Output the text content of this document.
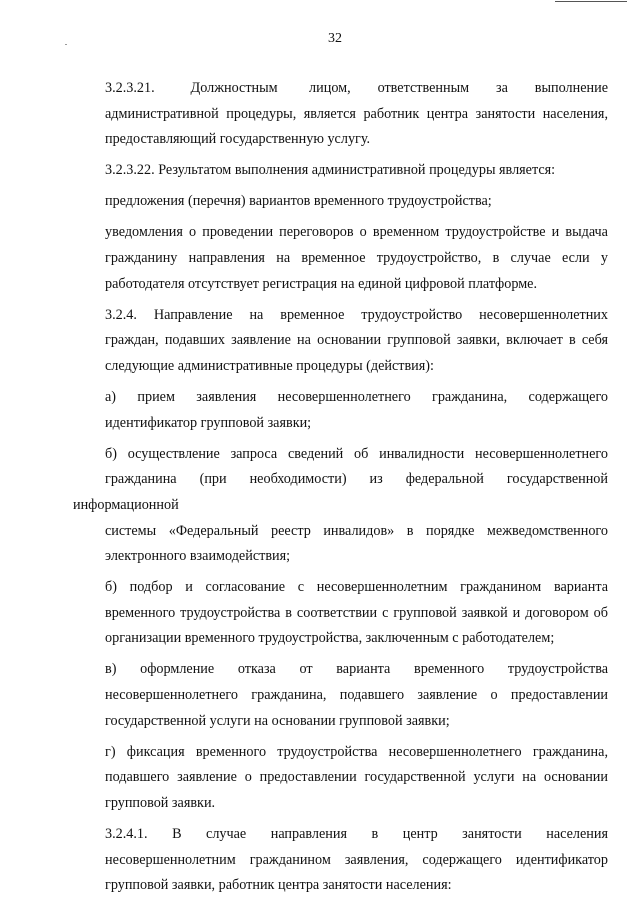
32

3.2.3.21.        Должностным       лицом,      ответственным      за      выполнение
административной процедуры, является работник центра занятости населения,
предоставляющий государственную услугу.

3.2.3.22. Результатом выполнения административной процедуры является:

предложения (перечня) вариантов временного трудоустройства;

уведомления о проведении переговоров о временном трудоустройстве и выдача
гражданину направления на временное трудоустройство, в случае если у
работодателя отсутствует регистрация на единой цифровой платформе.

3.2.4. Направление на временное трудоустройство несовершеннолетних
граждан, подавших заявление на основании групповой заявки, включает в себя
следующие административные процедуры (действия):

а) прием заявления несовершеннолетнего гражданина, содержащего
идентификатор групповой заявки;

б) осуществление запроса сведений об инвалидности несовершеннолетнего
гражданина (при необходимости) из федеральной государственной информационной
системы «Федеральный реестр инвалидов» в порядке межведомственного
электронного взаимодействия;

б) подбор и согласование с несовершеннолетним гражданином варианта
временного трудоустройства в соответствии с групповой заявкой и договором об
организации временного трудоустройства, заключенным с работодателем;

в) оформление отказа от варианта временного трудоустройства
несовершеннолетнего гражданина, подавшего заявление о предоставлении
государственной услуги на основании групповой заявки;

г) фиксация временного трудоустройства несовершеннолетнего гражданина,
подавшего заявление о предоставлении государственной услуги на основании
групповой заявки.

3.2.4.1. В случае направления в центр занятости населения
несовершеннолетним гражданином заявления, содержащего идентификатор
групповой заявки, работник центра занятости населения:
